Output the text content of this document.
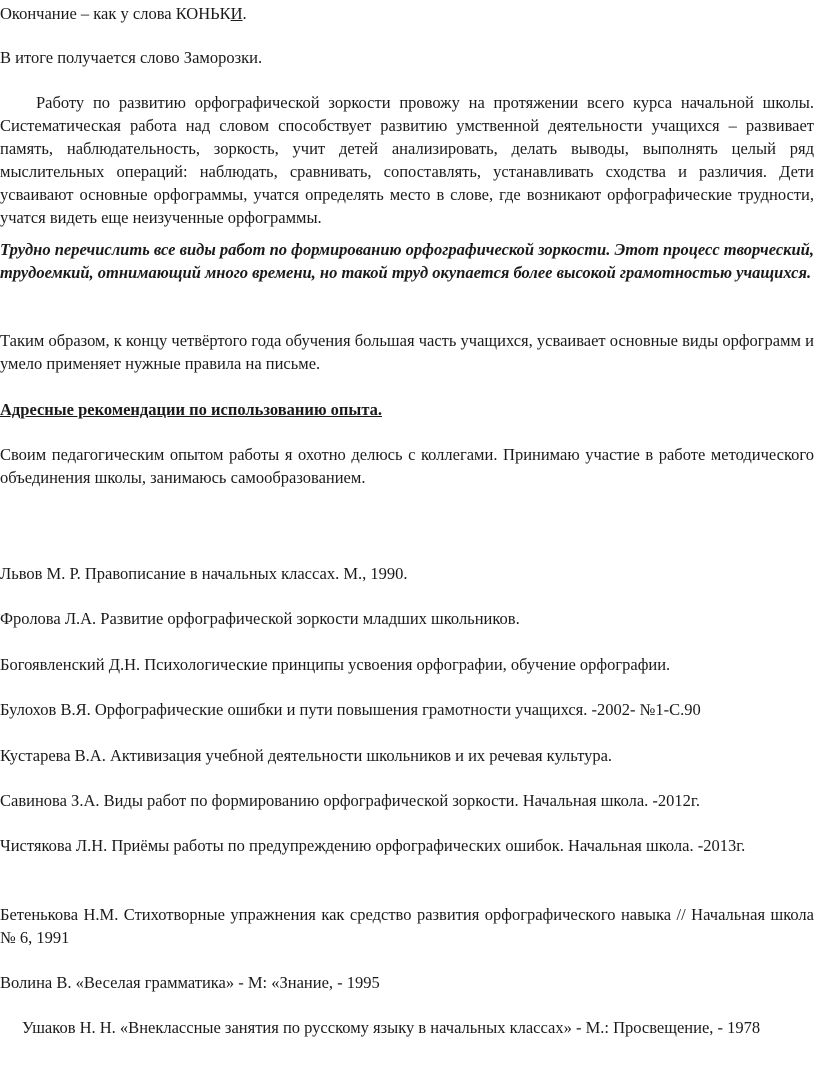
Окончание – как у слова КОНЬКИ.

В итоге получается слово Заморозки.

Работу по развитию орфографической зоркости провожу на протяжении всего курса начальной школы. Систематическая работа над словом способствует развитию умственной деятельности учащихся – развивает память, наблюдательность, зоркость, учит детей анализировать, делать выводы, выполнять целый ряд мыслительных операций: наблюдать, сравнивать, сопоставлять, устанавливать сходства и различия. Дети усваивают основные орфограммы, учатся определять место в слове, где возникают орфографические трудности, учатся видеть еще неизученные орфограммы.

Трудно перечислить все виды работ по формированию орфографической зоркости. Этот процесс творческий, трудоемкий, отнимающий много времени, но такой труд окупается более высокой грамотностью учащихся.

Таким образом, к концу четвёртого года обучения большая часть учащихся, усваивает основные виды орфограмм и умело применяет нужные правила на письме.

Адресные рекомендации по использованию опыта.

Своим педагогическим опытом работы я охотно делюсь с коллегами. Принимаю участие в работе методического объединения школы, занимаюсь самообразованием.

Львов М. Р. Правописание в начальных классах. М., 1990.

Фролова Л.А. Развитие орфографической зоркости младших школьников.

Богоявленский Д.Н. Психологические принципы усвоения орфографии, обучение орфографии.

Булохов В.Я. Орфографические ошибки и пути повышения грамотности учащихся. -2002- №1-С.90

Кустарева В.А. Активизация учебной деятельности школьников и их речевая культура.

Савинова З.А. Виды работ по формированию орфографической зоркости. Начальная школа. -2012г.

Чистякова Л.Н. Приёмы работы по предупреждению орфографических ошибок. Начальная школа. -2013г.

Бетенькова Н.М. Стихотворные упражнения как средство развития орфографического навыка // Начальная школа № 6, 1991

Волина В. «Веселая грамматика» - М: «Знание, - 1995

Ушаков Н. Н. «Внеклассные занятия по русскому языку в начальных классах» - М.: Просвещение, - 1978
